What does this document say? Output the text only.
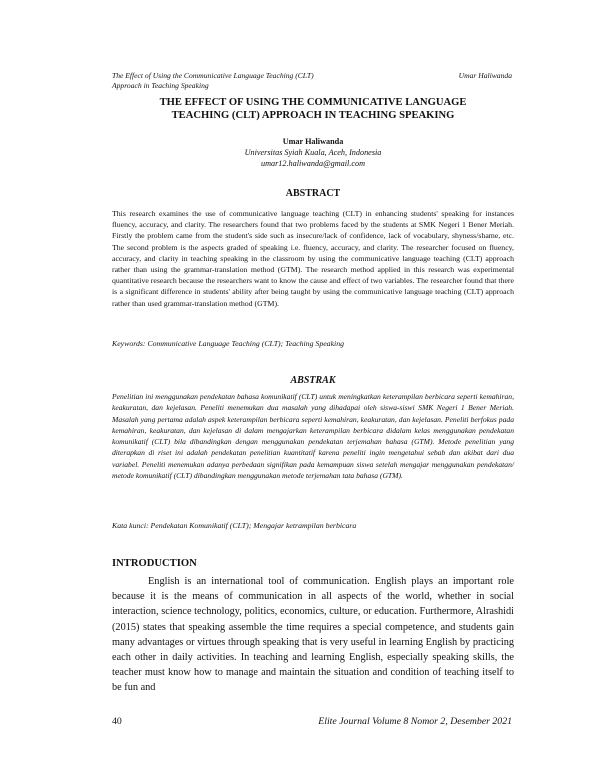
The Effect of Using the Communicative Language Teaching (CLT)
Approach in Teaching Speaking
Umar Haliwanda
THE EFFECT OF USING THE COMMUNICATIVE LANGUAGE
TEACHING (CLT) APPROACH IN TEACHING SPEAKING
Umar Haliwanda
Universitas Syiah Kuala, Aceh, Indonesia
umar12.haliwanda@gmail.com
ABSTRACT
This research examines the use of communicative language teaching (CLT) in enhancing students' speaking for instances fluency, accuracy, and clarity. The researchers found that two problems faced by the students at SMK Negeri 1 Bener Meriah. Firstly the problem came from the student's side such as insecure/lack of confidence, lack of vocabulary, shyness/shame, etc. The second problem is the aspects graded of speaking i.e. fluency, accuracy, and clarity. The researcher focused on fluency, accuracy, and clarity in teaching speaking in the classroom by using the communicative language teaching (CLT) approach rather than using the grammar-translation method (GTM). The research method applied in this research was experimental quantitative research because the researchers want to know the cause and effect of two variables. The researcher found that there is a significant difference in students' ability after being taught by using the communicative language teaching (CLT) approach rather than used grammar-translation method (GTM).
Keywords: Communicative Language Teaching (CLT); Teaching Speaking
ABSTRAK
Penelitian ini menggunakan pendekatan bahasa komunikatif (CLT) untuk meningkatkan keterampilan berbicara seperti kemahiran, keakuratan, dan kejelasan. Peneliti menemukan dua masalah yang dihadapai oleh siswa-siswi SMK Negeri 1 Bener Meriah. Masalah yang pertama adalah aspek keterampilan berbicara seperti kemahiran, keakuratan, dan kejelasan. Peneliti berfokus pada kemahiran, keakuratan, dan kejelasan di dalam mengajarkan keterampilan berbicara didalam kelas menggunakan pendekatan komunikatif (CLT) bila dibandingkan dengan menggunakan pendekatan terjemahan bahasa (GTM). Metode penelitian yang diterapkan di riset ini adalah pendekatan penelitian kuantitatif karena peneliti ingin mengetahui sebab dan akibat dari dua variabel. Peneliti menemukan adanya perbedaan signifikan pada kemampuan siswa setelah mengajar menggunakan pendekatan/ metode komunikatif (CLT) dibandingkan menggunakan metode terjemahan tata bahasa (GTM).
Kata kunci: Pendekatan Komunikatif (CLT); Mengajar ketrampilan berbicara
INTRODUCTION
English is an international tool of communication. English plays an important role because it is the means of communication in all aspects of the world, whether in social interaction, science technology, politics, economics, culture, or education. Furthermore, Alrashidi (2015) states that speaking assemble the time requires a special competence, and students gain many advantages or virtues through speaking that is very useful in learning English by practicing each other in daily activities. In teaching and learning English, especially speaking skills, the teacher must know how to manage and maintain the situation and condition of teaching itself to be fun and
40	Elite Journal Volume 8 Nomor 2, Desember 2021
